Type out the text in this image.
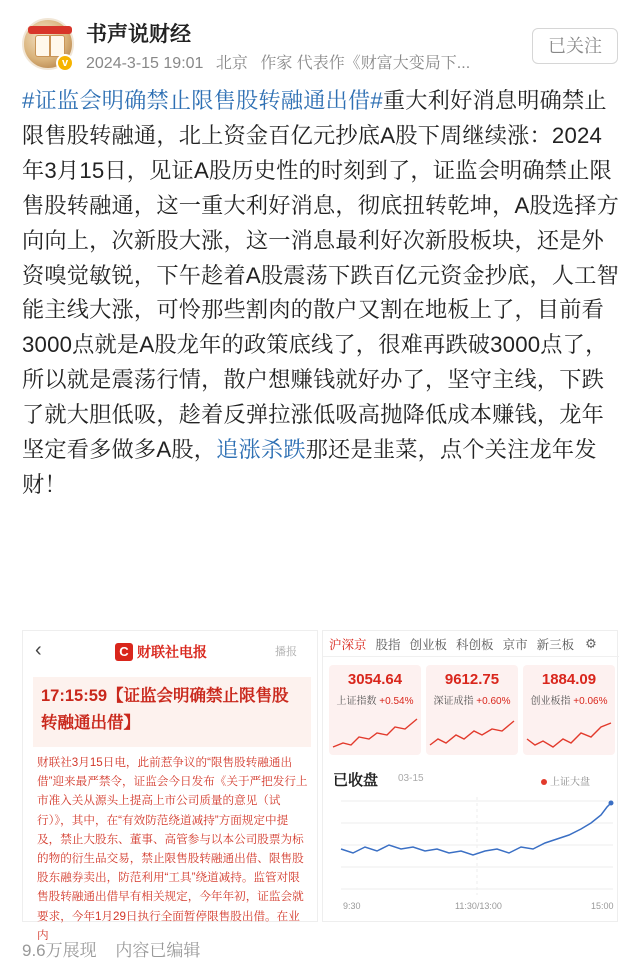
v
书声说财经
2024-3-15 19:01 北京 作家 代表作《财富大变局下...
已关注
#证监会明确禁止限售股转融通出借#重大利好消息明确禁止限售股转融通，北上资金百亿元抄底A股下周继续涨：2024年3月15日，见证A股历史性的时刻到了，证监会明确禁止限售股转融通，这一重大利好消息，彻底扭转乾坤，A股选择方向向上，次新股大涨，这一消息最利好次新股板块，还是外资嗅觉敏锐，下午趁着A股震荡下跌百亿元资金抄底，人工智能主线大涨，可怜那些割肉的散户又割在地板上了，目前看3000点就是A股龙年的政策底线了，很难再跌破3000点了，所以就是震荡行情，散户想赚钱就好办了，坚守主线，下跌了就大胆低吸，趁着反弹拉涨低吸高抛降低成本赚钱，龙年坚定看多做多A股，追涨杀跌那还是韭菜，点个关注龙年发财！
‹	C 财联社电报	播报
17:15:59【证监会明确禁止限售股转融通出借】
财联社3月15日电，此前惹争议的“限售股转融通出借”迎来最严禁令，证监会今日发布《关于严把发行上市准入关从源头上提高上市公司质量的意见（试行）》，其中，在“有效防范绕道减持”方面规定中提及，禁止大股东、董事、高管参与以本公司股票为标的物的衍生品交易，禁止限售股转融通出借、限售股股东融券卖出，防范利用“工具”绕道减持。监管对限售股转融通出借早有相关规定，今年年初，证监会就要求，今年1月29日执行全面暂停限售股出借。在业内
沪深京 股指 创业板 科创板 京市 新三板 ⚙
3054.64
上证指数 +0.54%
9612.75
深证成指 +0.60%
1884.09
创业板指 +0.06%
已收盘 03-15	上证大盘
9:30	11:30/13:00	15:00
9.6万展现 内容已编辑
